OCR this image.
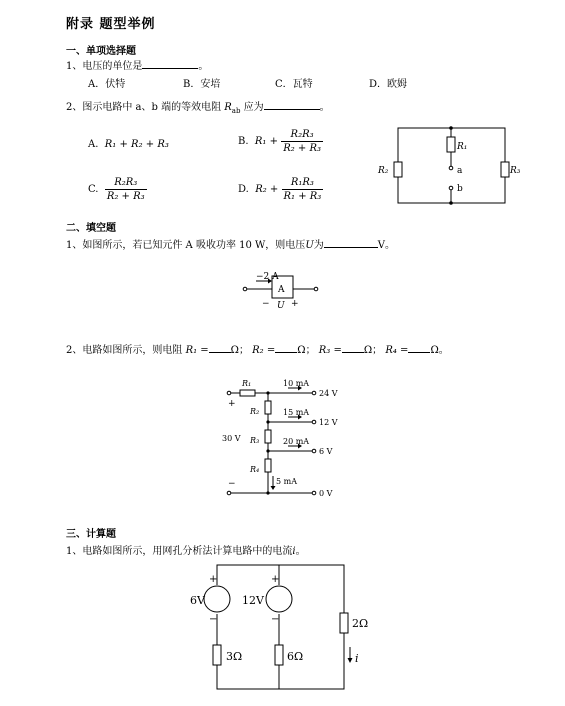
附录 题型举例
一、单项选择题
1、电压的单位是	。
A．伏特	B．安培	C．瓦特	D．欧姆
2、图示电路中 a、b 端的等效电阻 $R_{ab}$ 应为	。
A. R₁ + R₂ + R₃	B. $R_1 + \frac{\text{R₂R₃}}{\text{R₂ + R₃}}$
C. $\frac{\text{R₂R₃}}{\text{R₂ + R₃}}$	D. $R_2 + \frac{\text{R₁R₃}}{\text{R₁ + R₃}}$
R₁
R₂	R₃
a
b
二、填空题
1、如图所示，若已知元件 A 吸收功率 10 W，则电压U为	V。
−2 A
A
− U +
2、电路如图所示，则电阻 R₁ = Ω； R₂ = Ω； R₃ = Ω； R₄ = Ω。
R₁
R₂
R₃
R₄
10 mA
15 mA
20 mA
5 mA
24 V
12 V
6 V
0 V
30 V
+
−
三、计算题
1、电路如图所示，用网孔分析法计算电路中的电流i。
+
−
+
−
6V	12V
3Ω	6Ω
2Ω
i
